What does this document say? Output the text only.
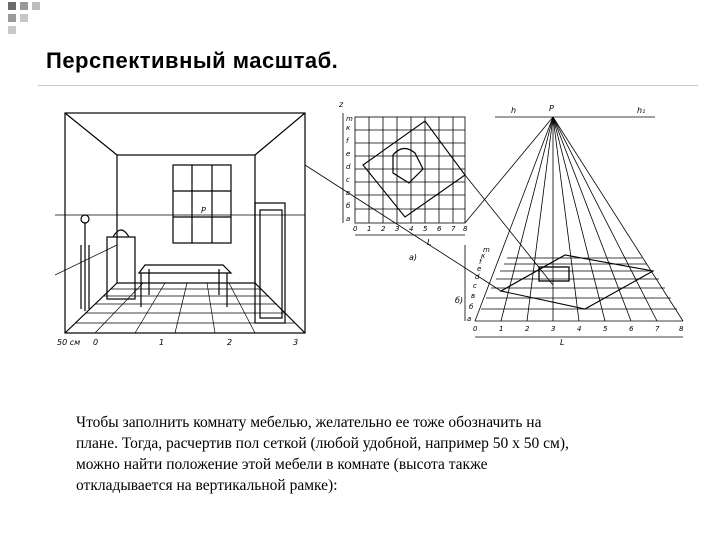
Перспективный масштаб.
50 см 0	1	2	3
P
z
а)
L
0 1 2 3 4 5 6 7 8
a
б
в
с
d
е
f
к
m
h	P	h₁
б)
L
0	1	2	3	4	5	6	7	8
a
б
в
с
d
е
f
к
m
Чтобы заполнить комнату мебелью, желательно ее тоже обозначить на
плане. Тогда, расчертив пол сеткой (любой удобной, например 50 х 50 см),
можно найти положение этой мебели в комнате (высота также
откладывается на вертикальной рамке):
